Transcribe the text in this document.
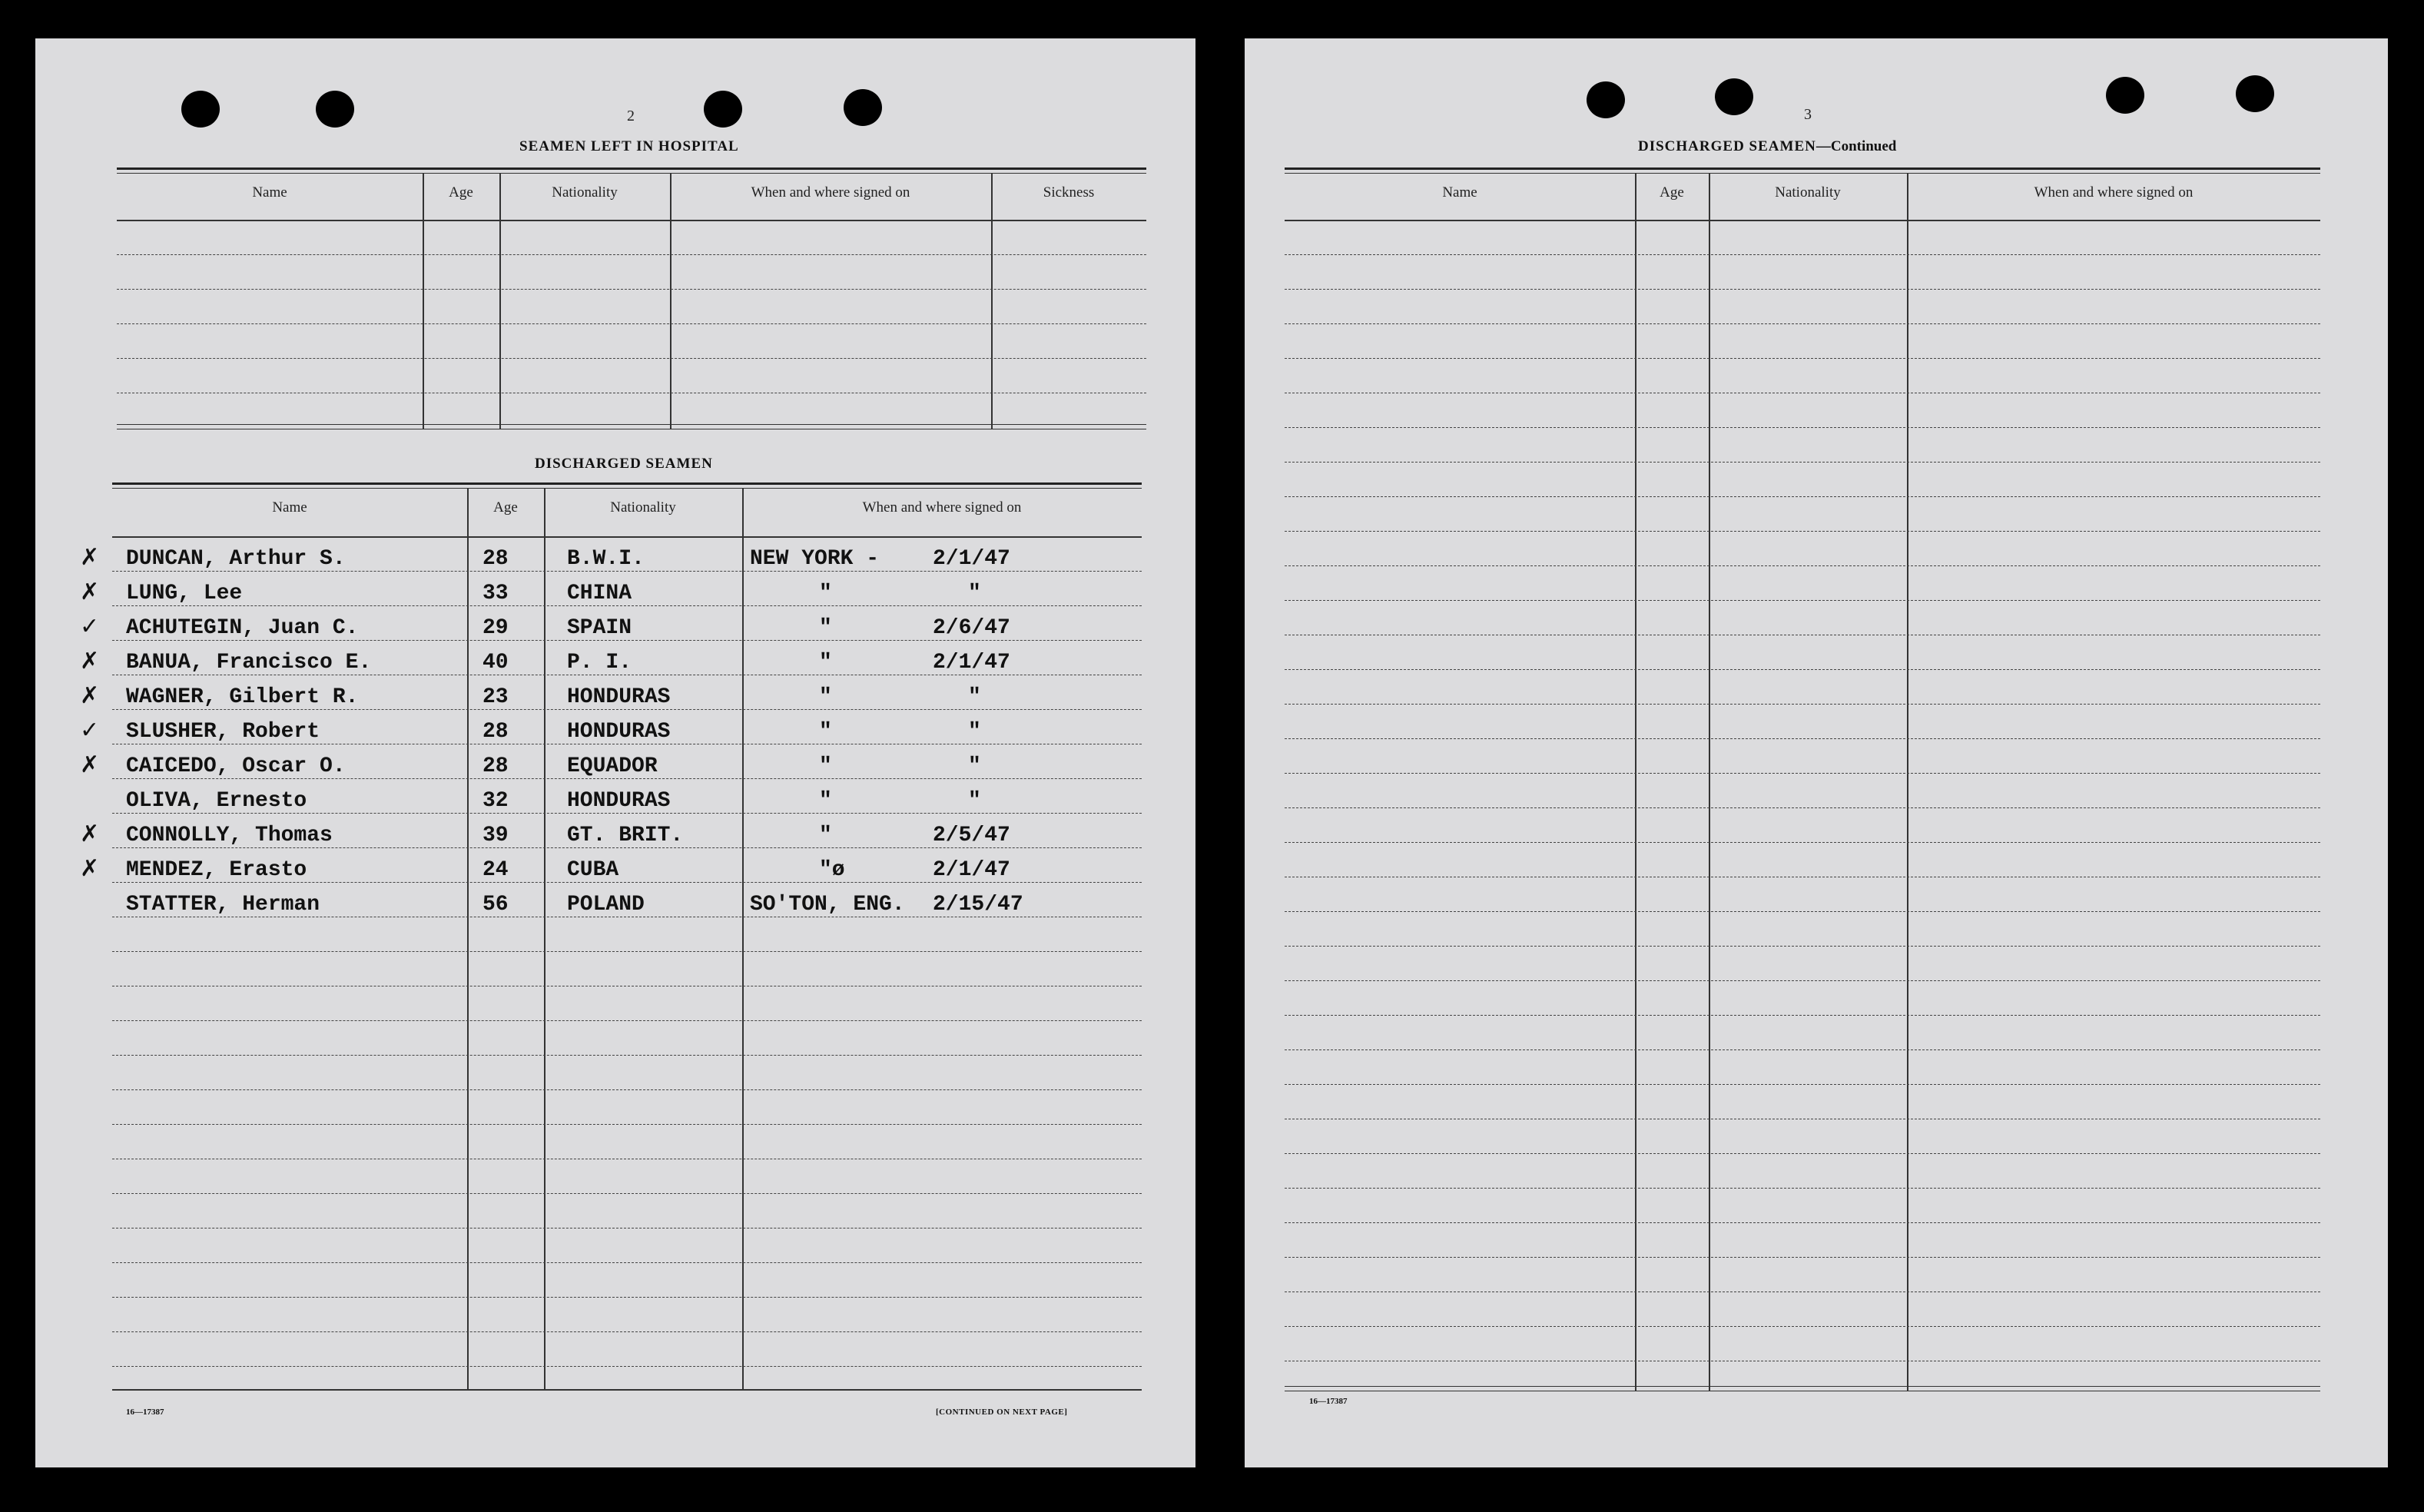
2
SEAMEN LEFT IN HOSPITAL
Name	Age	Nationality	When and where signed on	Sickness
DISCHARGED SEAMEN
Name	Age	Nationality	When and where signed on
✗ DUNCAN, Arthur S.	28	B.W.I.	NEW YORK - 2/1/47
✗ LUNG, Lee	33	CHINA	"	"
✓ ACHUTEGIN, Juan C.	29	SPAIN	"	2/6/47
✗ BANUA, Francisco E.	40	P. I.	"	2/1/47
✗ WAGNER, Gilbert R.	23	HONDURAS	"	"
✓ SLUSHER, Robert	28	HONDURAS	"	"
✗ CAICEDO, Oscar O.	28	EQUADOR	"	"
OLIVA, Ernesto	32	HONDURAS	"	"
✗ CONNOLLY, Thomas	39	GT. BRIT.	"	2/5/47
✗ MENDEZ, Erasto	24	CUBA	"ø	2/1/47
STATTER, Herman	56	POLAND	SO'TON, ENG. 2/15/47
16—17387	[CONTINUED ON NEXT PAGE]
3
DISCHARGED SEAMEN—Continued
Name	Age	Nationality	When and where signed on
16—17387
